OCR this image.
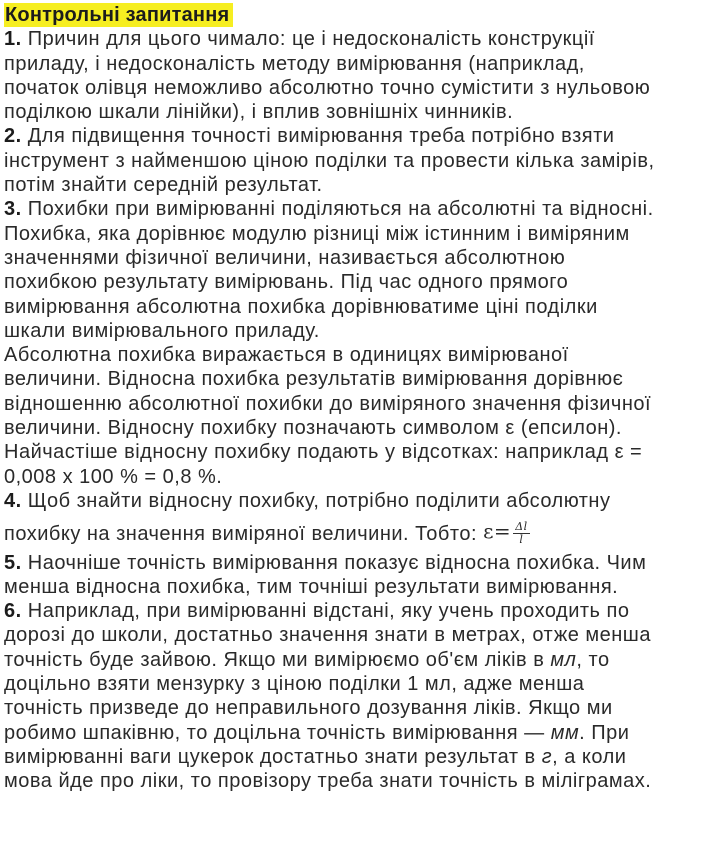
Контрольні запитання
1. Причин для цього чимало: це і недосконалість конструкції
приладу, і недосконалість методу вимірювання (наприклад,
початок олівця неможливо абсолютно точно сумістити з нульовою
поділкою шкали лінійки), і вплив зовнішніх чинників.
2. Для підвищення точності вимірювання треба потрібно взяти
інструмент з найменшою ціною поділки та провести кілька замірів,
потім знайти середній результат.
3. Похибки при вимірюванні поділяються на абсолютні та відносні.
Похибка, яка дорівнює модулю різниці між істинним і виміряним
значеннями фізичної величини, називається абсолютною
похибкою результату вимірювань. Під час одного прямого
вимірювання абсолютна похибка дорівнюватиме ціні поділки
шкали вимірювального приладу.
Абсолютна похибка виражається в одиницях вимірюваної
величини. Відносна похибка результатів вимірювання дорівнює
відношенню абсолютної похибки до виміряного значення фізичної
величини. Відносну похибку позначають символом ε (епсилон).
Найчастіше відносну похибку подають у відсотках: наприклад ε =
0,008 x 100 % = 0,8 %.
4. Щоб знайти відносну похибку, потрібно поділити абсолютну
похибку на значення виміряної величини. Тобто: $\varepsilon= \frac{\Delta l}{l}$
5. Наочніше точність вимірювання показує відносна похибка. Чим
менша відносна похибка, тим точніші результати вимірювання.
6. Наприклад, при вимірюванні відстані, яку учень проходить по
дорозі до школи, достатньо значення знати в метрах, отже менша
точність буде зайвою. Якщо ми вимірюємо об'єм ліків в мл, то
доцільно взяти мензурку з ціною поділки 1 мл, адже менша
точність призведе до неправильного дозування ліків. Якщо ми
робимо шпаківню, то доцільна точність вимірювання — мм. При
вимірюванні ваги цукерок достатньо знати результат в г, а коли
мова йде про ліки, то провізору треба знати точність в міліграмах.
